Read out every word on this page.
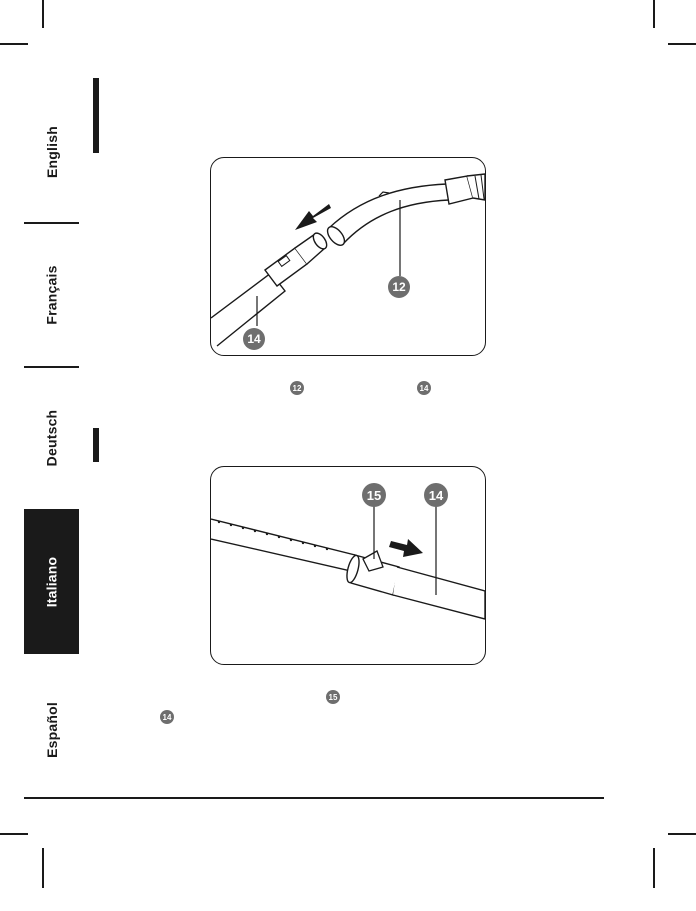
English
Français
Deutsch
Italiano
Español
12
14
12	14
15	14
15
14
